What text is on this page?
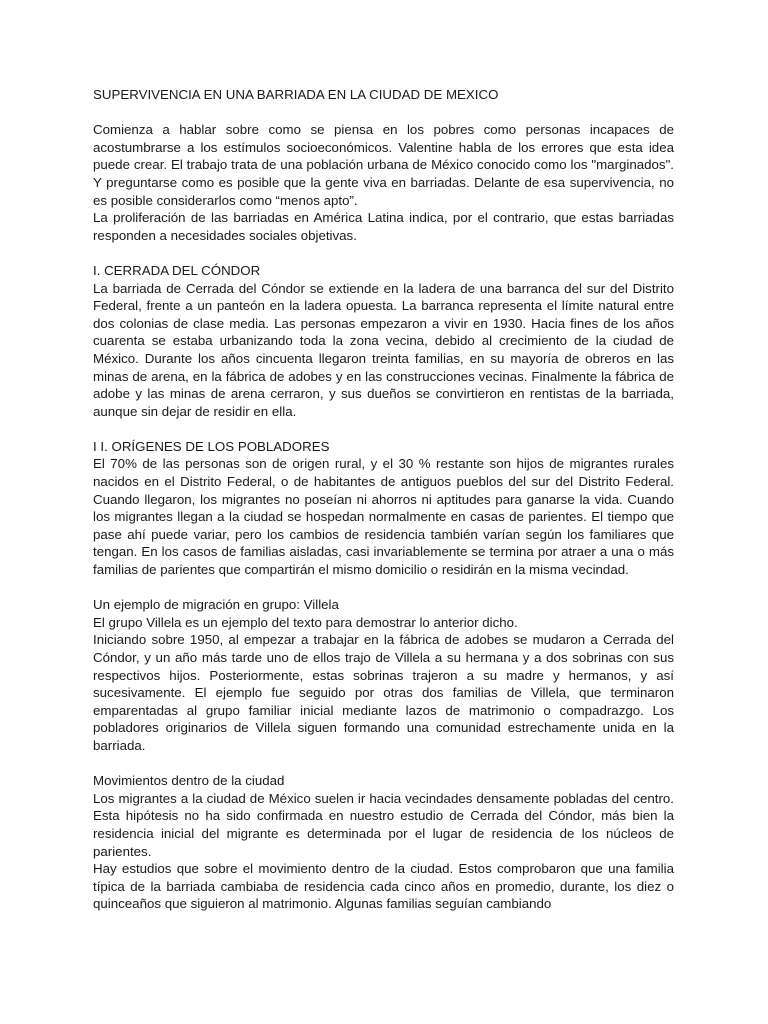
SUPERVIVENCIA EN UNA BARRIADA EN LA CIUDAD DE MEXICO

Comienza a hablar sobre como se piensa en los pobres como personas incapaces de acostumbrarse a los estímulos socioeconómicos. Valentine habla de los errores que esta idea puede crear. El trabajo trata de una población urbana de México conocido como los "marginados". Y preguntarse como es posible que la gente viva en barriadas. Delante de esa supervivencia, no es posible considerarlos como “menos apto”.

La proliferación de las barriadas en América Latina indica, por el contrario, que estas barriadas responden a necesidades sociales objetivas.

I. CERRADA DEL CÓNDOR

La barriada de Cerrada del Cóndor se extiende en la ladera de una barranca del sur del Distrito Federal, frente a un panteón en la ladera opuesta. La barranca representa el límite natural entre dos colonias de clase media. Las personas empezaron a vivir en 1930. Hacia fines de los años cuarenta se estaba urbanizando toda la zona vecina, debido al crecimiento de la ciudad de México. Durante los años cincuenta llegaron treinta familias, en su mayoría de obreros en las minas de arena, en la fábrica de adobes y en las construcciones vecinas. Finalmente la fábrica de adobe y las minas de arena cerraron, y sus dueños se convirtieron en rentistas de la barriada, aunque sin dejar de residir en ella.

I I. ORÍGENES DE LOS POBLADORES

El 70% de las personas son de origen rural, y el 30 % restante son hijos de migrantes rurales nacidos en el Distrito Federal, o de habitantes de antiguos pueblos del sur del Distrito Federal. Cuando llegaron, los migrantes no poseían ni ahorros ni aptitudes para ganarse la vida. Cuando los migrantes llegan a la ciudad se hospedan normalmente en casas de parientes. El tiempo que pase ahí puede variar, pero los cambios de residencia también varían según los familiares que tengan. En los casos de familias aisladas, casi invariablemente se termina por atraer a una o más familias de parientes que compartirán el mismo domicilio o residirán en la misma vecindad.

Un ejemplo de migración en grupo: Villela

El grupo Villela es un ejemplo del texto para demostrar lo anterior dicho.

Iniciando sobre 1950, al empezar a trabajar en la fábrica de adobes se mudaron a Cerrada del Cóndor, y un año más tarde uno de ellos trajo de Villela a su hermana y a dos sobrinas con sus respectivos hijos. Posteriormente, estas sobrinas trajeron a su madre y hermanos, y así sucesivamente. El ejemplo fue seguido por otras dos familias de Villela, que terminaron emparentadas al grupo familiar inicial mediante lazos de matrimonio o compadrazgo. Los pobladores originarios de Villela siguen formando una comunidad estrechamente unida en la barriada.

Movimientos dentro de la ciudad

Los migrantes a la ciudad de México suelen ir hacia vecindades densamente pobladas del centro. Esta hipótesis no ha sido confirmada en nuestro estudio de Cerrada del Cóndor, más bien la residencia inicial del migrante es determinada por el lugar de residencia de los núcleos de parientes.

Hay estudios que sobre el movimiento dentro de la ciudad. Estos comprobaron que una familia típica de la barriada cambiaba de residencia cada cinco años en promedio, durante, los diez o quinceaños que siguieron al matrimonio. Algunas familias seguían cambiando
